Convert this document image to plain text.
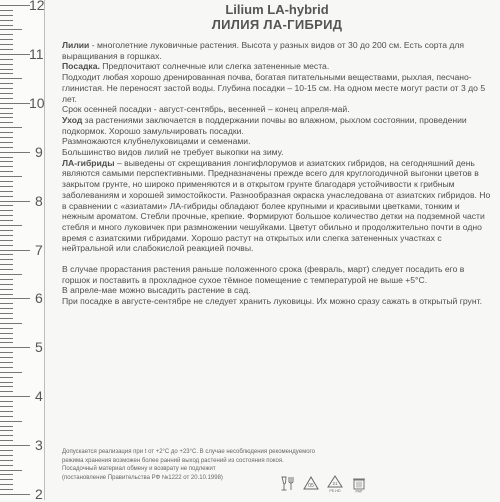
12
11
10
9
8
7
6
5
4
3
2
Lilium LA-hybrid
ЛИЛИЯ ЛА-ГИБРИД

Лилии - многолетние луковичные растения. Высота у разных видов от 30 до 200 см. Есть сорта для выращивания в горшках.

Посадка. Предпочитают солнечные или слегка затененные места.

Подходит любая хорошо дренированная почва, богатая питательными веществами, рыхлая, песчано-глинистая. Не переносят застой воды. Глубина посадки – 10-15 см. На одном месте могут расти от 3 до 5 лет.

Срок осенней посадки - август-сентябрь, весенней – конец апреля-май.

Уход за растениями заключается в поддержании почвы во влажном, рыхлом состоянии, проведении подкормок. Хорошо замульчировать посадки.

Размножаются клубнелуковицами и семенами.

Большинство видов лилий не требует выкопки на зиму.

ЛА-гибриды – выведены от скрещивания лонгифлорумов и азиатских гибридов, на сегодняшний день являются самыми перспективными. Предназначены прежде всего для круглогодичной выгонки цветов в закрытом грунте, но широко применяются и в открытом грунте благодаря устойчивости к грибным заболеваниям и хорошей зимостойкости. Разнообразная окраска унаследована от азиатских гибридов. Но в сравнении с «азиатами» ЛА-гибриды обладают более крупными и красивыми цветками, тонким и нежным ароматом. Стебли прочные, крепкие. Формируют большое количество детки на подземной части стебля и много луковичек при размножении чешуйками. Цветут обильно и продолжительно почти в одно время с азиатскими гибридами. Хорошо растут на открытых или слегка затененных участках с нейтральной или слабокислой реакцией почвы.

В случае прорастания растения раньше положенного срока (февраль, март) следует посадить его в горшок и поставить в прохладное сухое тёмное помещение с температурой не выше +5°С.

В апреле-мае можно высадить растение в сад.

При посадке в августе-сентябре не следует хранить луковицы. Их можно сразу сажать в открытый грунт.

Допускается реализация при t от +2°С до +23°С. В случае несоблюдения рекомендуемого

режима хранения возможен более ранний выход растений из состояния покоя.

Посадочный материал обмену и возврату не подлежит

(постановление Правительства РФ №1222 от 20.10.1998)

05	21
PE-HD	PAP
